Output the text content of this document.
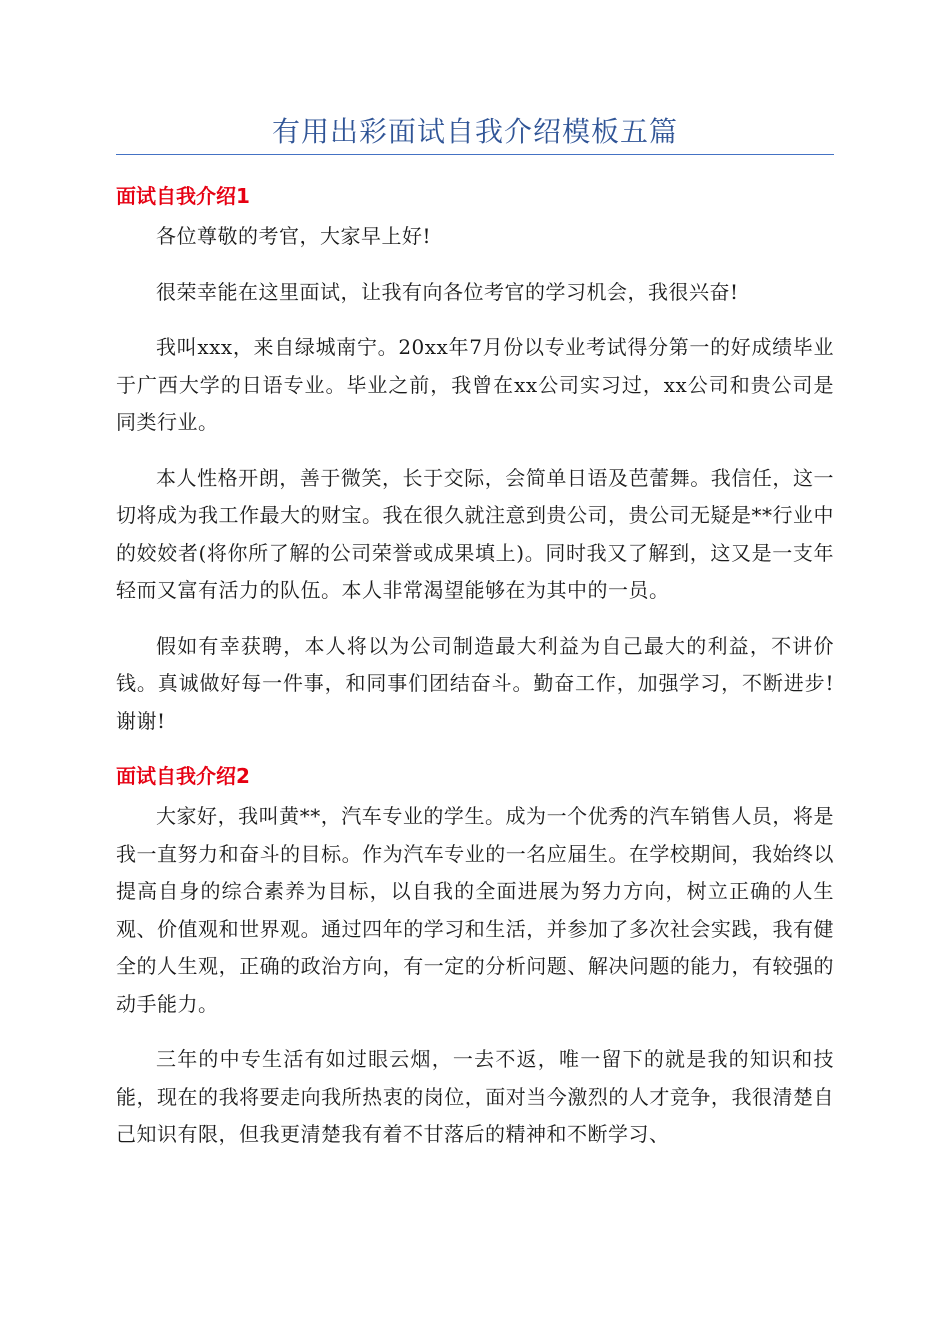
有用出彩面试自我介绍模板五篇
面试自我介绍1

各位尊敬的考官，大家早上好!

很荣幸能在这里面试，让我有向各位考官的学习机会，我很兴奋!

我叫xxx，来自绿城南宁。20xx年7月份以专业考试得分第一的好成绩毕业于广西大学的日语专业。毕业之前，我曾在xx公司实习过，xx公司和贵公司是同类行业。

本人性格开朗，善于微笑，长于交际，会简单日语及芭蕾舞。我信任，这一切将成为我工作最大的财宝。我在很久就注意到贵公司，贵公司无疑是**行业中的姣姣者(将你所了解的公司荣誉或成果填上)。同时我又了解到，这又是一支年轻而又富有活力的队伍。本人非常渴望能够在为其中的一员。

假如有幸获聘，本人将以为公司制造最大利益为自己最大的利益，不讲价钱。真诚做好每一件事，和同事们团结奋斗。勤奋工作，加强学习，不断进步!谢谢!

面试自我介绍2

大家好，我叫黄**，汽车专业的学生。成为一个优秀的汽车销售人员，将是我一直努力和奋斗的目标。作为汽车专业的一名应届生。在学校期间，我始终以提高自身的综合素养为目标，以自我的全面进展为努力方向，树立正确的人生观、价值观和世界观。通过四年的学习和生活，并参加了多次社会实践，我有健全的人生观，正确的政治方向，有一定的分析问题、解决问题的能力，有较强的动手能力。

三年的中专生活有如过眼云烟，一去不返，唯一留下的就是我的知识和技能，现在的我将要走向我所热衷的岗位，面对当今激烈的人才竞争，我很清楚自己知识有限，但我更清楚我有着不甘落后的精神和不断学习、
